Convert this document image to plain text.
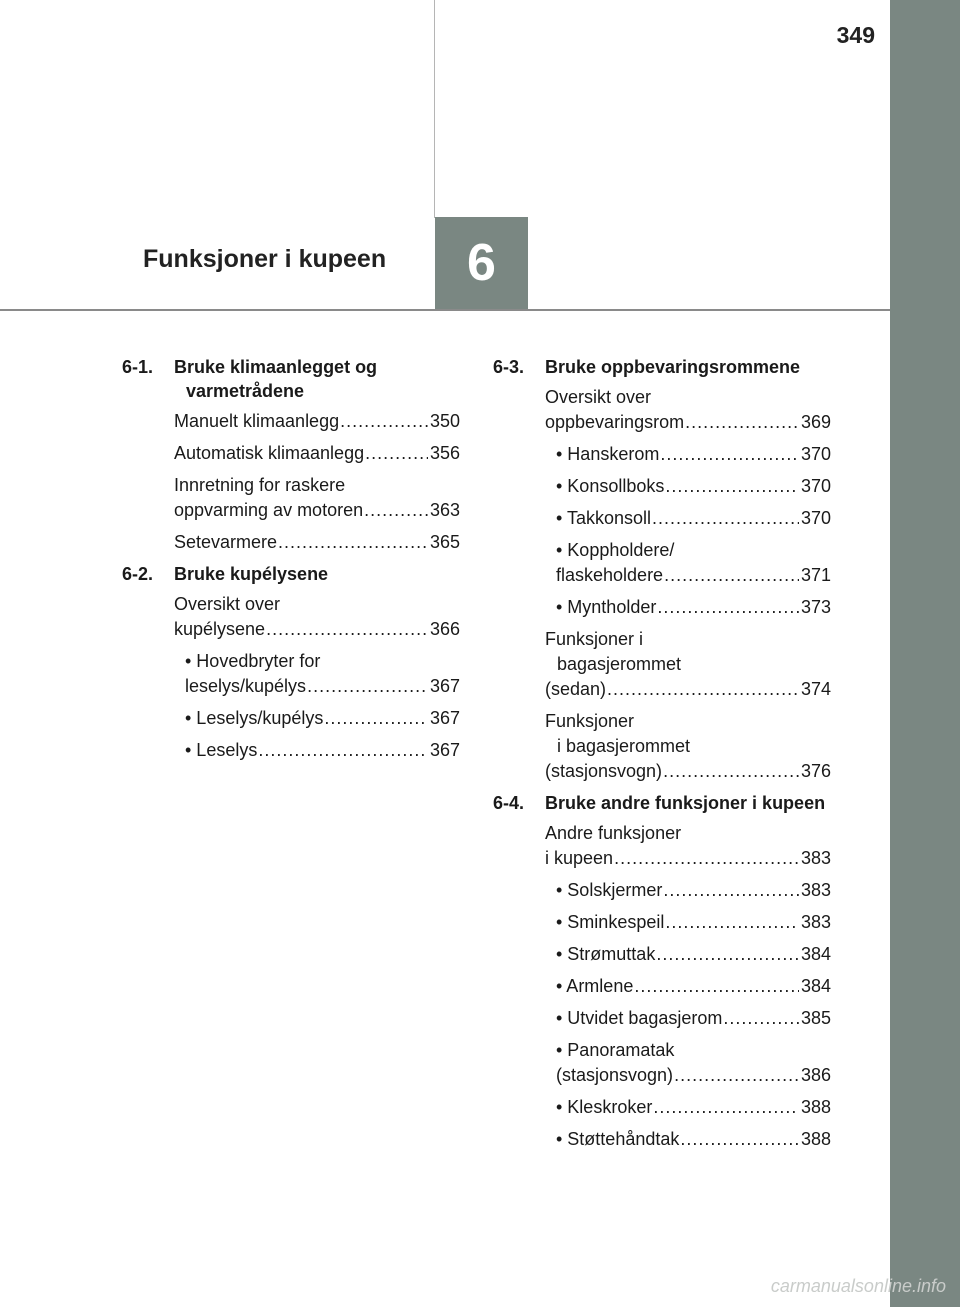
349
Funksjoner i kupeen 6
6-1. Bruke klimaanlegget og varmetrådene
Manuelt klimaanlegg . . .	350
Automatisk klimaanlegg . . .	356
Innretning for raskere
oppvarming av motoren . . .	363
Setevarmere . . .	365
6-2. Bruke kupélysene
Oversikt over
kupélysene . . .	366
• Hovedbryter for
leselys/kupélys . . .	367
• Leselys/kupélys . . .	367
• Leselys . . .	367
6-3. Bruke oppbevaringsrommene
Oversikt over
oppbevaringsrom . . .	369
• Hanskerom . . .	370
• Konsollboks . . .	370
• Takkonsoll . . .	370
• Koppholdere/
flaskeholdere . . .	371
• Myntholder . . .	373
Funksjoner i
bagasjerommet
(sedan) . . .	374
Funksjoner
i bagasjerommet
(stasjonsvogn) . . .	376
6-4. Bruke andre funksjoner i kupeen
Andre funksjoner
i kupeen . . .	383
• Solskjermer . . .	383
• Sminkespeil . . .	383
• Strømuttak . . .	384
• Armlene . . .	384
• Utvidet bagasjerom . . .	385
• Panoramatak
(stasjonsvogn) . . .	386
• Kleskroker . . .	388
• Støttehåndtak . . .	388
carmanualsonline.info
